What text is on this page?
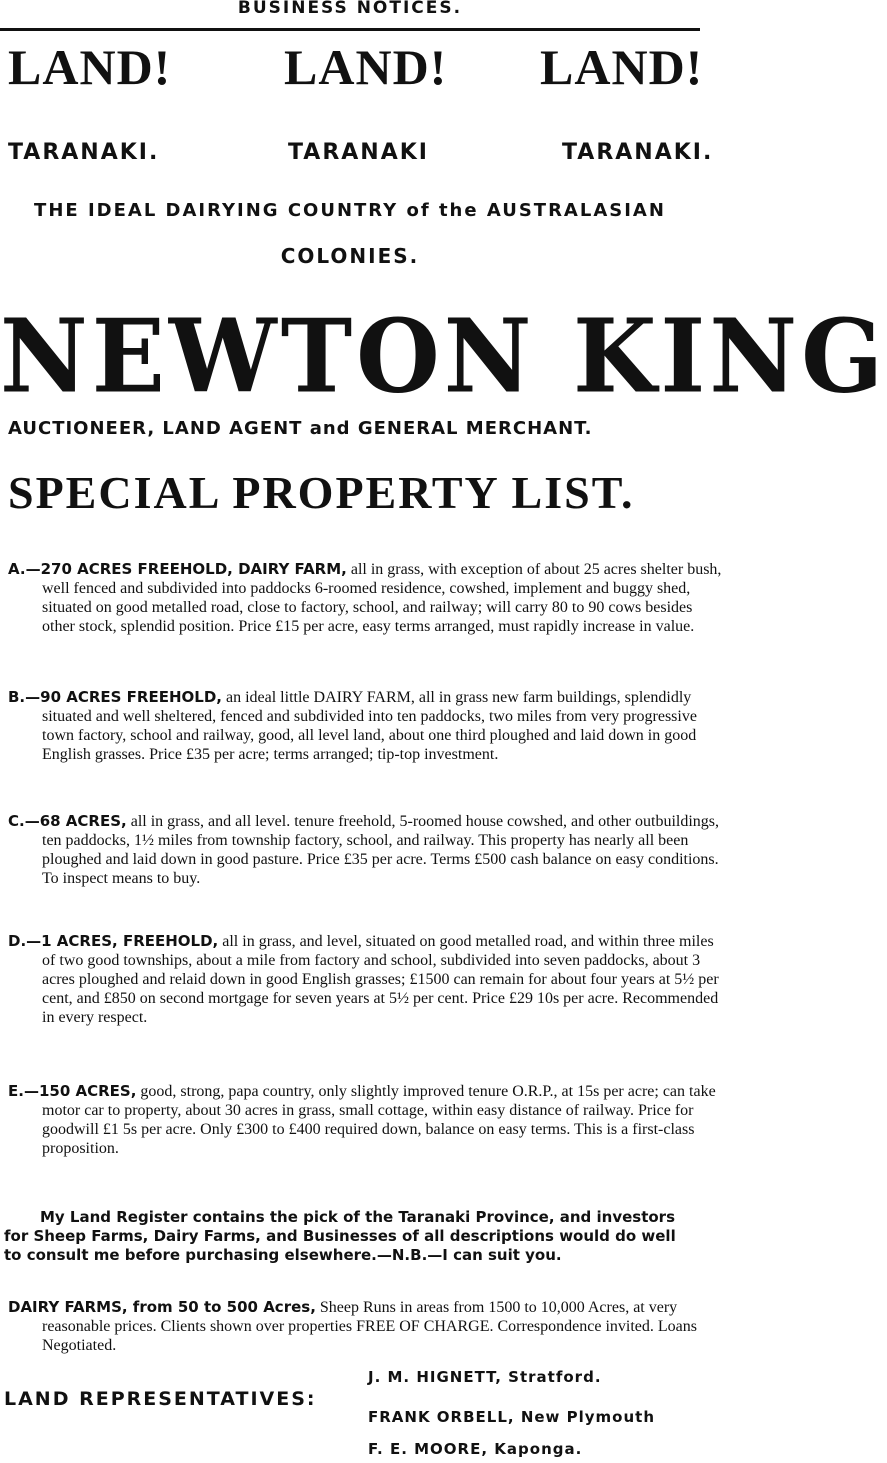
BUSINESS NOTICES.
LAND! LAND! LAND!
TARANAKI.	TARANAKI	TARANAKI.
THE IDEAL DAIRYING COUNTRY of the AUSTRALASIAN
COLONIES.
NEWTON KING
AUCTIONEER, LAND AGENT and GENERAL MERCHANT.
SPECIAL PROPERTY LIST.
A.—270 ACRES FREEHOLD, DAIRY FARM, all in grass, with exception of about 25 acres shelter bush, well fenced and subdivided into paddocks 6-roomed residence, cowshed, implement and buggy shed, situated on good metalled road, close to factory, school, and railway; will carry 80 to 90 cows besides other stock, splendid position. Price £15 per acre, easy terms arranged, must rapidly increase in value.
B.—90 ACRES FREEHOLD, an ideal little DAIRY FARM, all in grass new farm buildings, splendidly situated and well sheltered, fenced and subdivided into ten paddocks, two miles from very progressive town factory, school and railway, good, all level land, about one third ploughed and laid down in good English grasses. Price £35 per acre; terms arranged; tip-top investment.
C.—68 ACRES, all in grass, and all level. tenure freehold, 5-roomed house cowshed, and other outbuildings, ten paddocks, 1½ miles from township factory, school, and railway. This property has nearly all been ploughed and laid down in good pasture. Price £35 per acre. Terms £500 cash balance on easy conditions. To inspect means to buy.
D.—1 ACRES, FREEHOLD, all in grass, and level, situated on good metalled road, and within three miles of two good townships, about a mile from factory and school, subdivided into seven paddocks, about 3 acres ploughed and relaid down in good English grasses; £1500 can remain for about four years at 5½ per cent, and £850 on second mortgage for seven years at 5½ per cent. Price £29 10s per acre. Recommended in every respect.
E.—150 ACRES, good, strong, papa country, only slightly improved tenure O.R.P., at 15s per acre; can take motor car to property, about 30 acres in grass, small cottage, within easy distance of railway. Price for goodwill £1 5s per acre. Only £300 to £400 required down, balance on easy terms. This is a first-class proposition.
My Land Register contains the pick of the Taranaki Province, and investors for Sheep Farms, Dairy Farms, and Businesses of all descriptions would do well to consult me before purchasing elsewhere.—N.B.—I can suit you.
DAIRY FARMS, from 50 to 500 Acres, Sheep Runs in areas from 1500 to 10,000 Acres, at very reasonable prices. Clients shown over properties FREE OF CHARGE. Correspondence invited. Loans Negotiated.
LAND REPRESENTATIVES:
J. M. HIGNETT, Stratford.
FRANK ORBELL, New Plymouth
F. E. MOORE, Kaponga.
